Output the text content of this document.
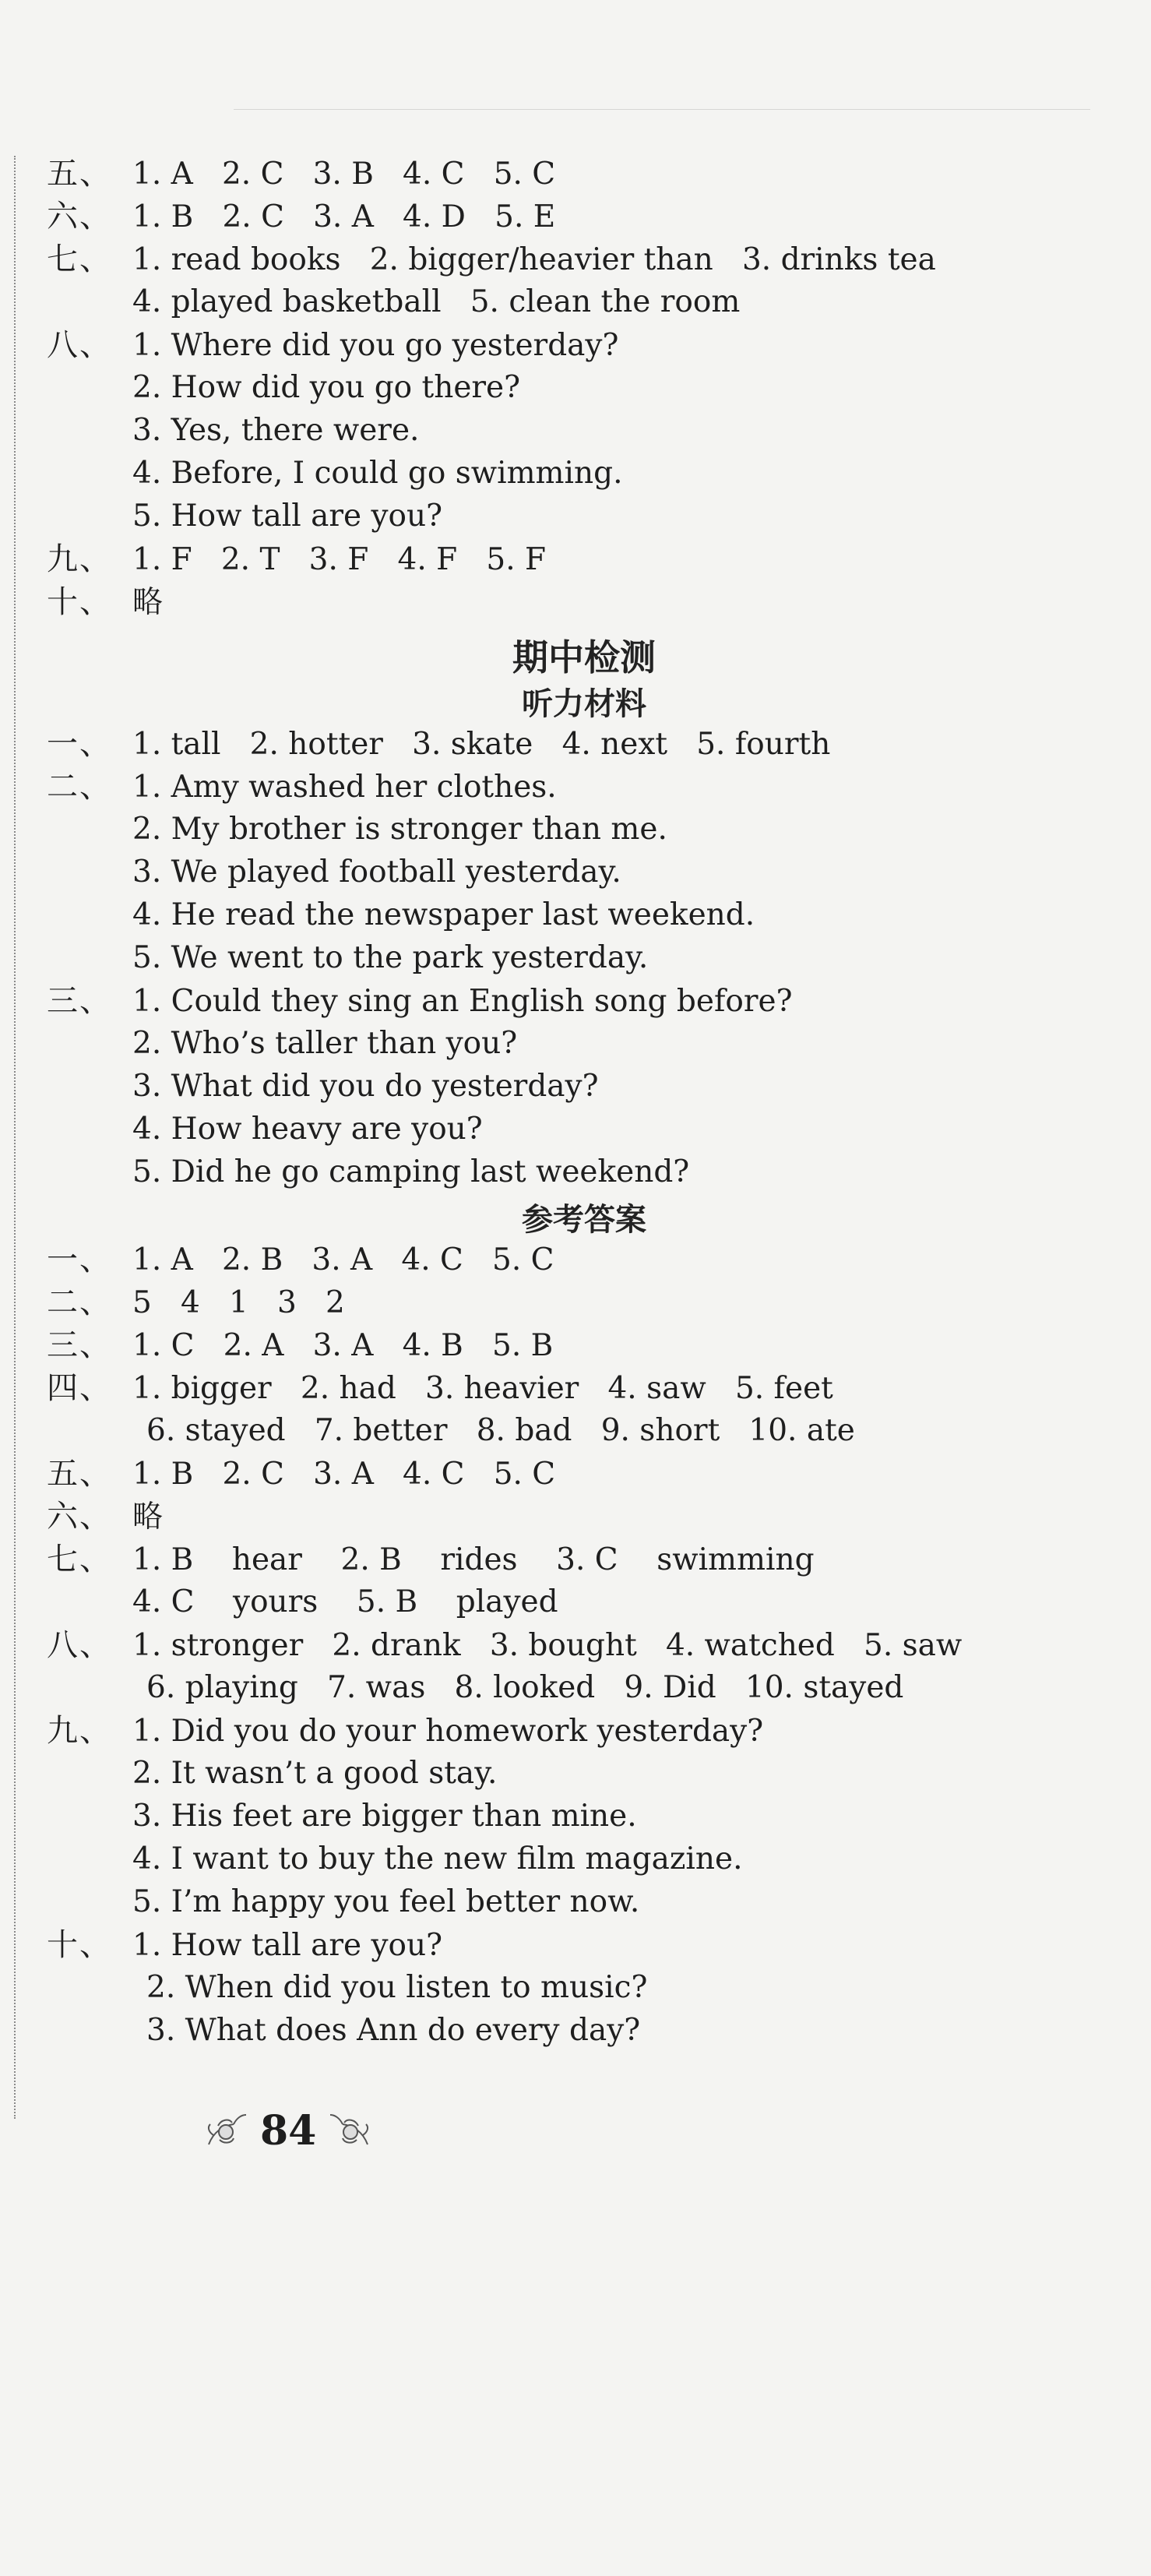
五、 1. A   2. C   3. B   4. C   5. C
六、 1. B   2. C   3. A   4. D   5. E
七、 1. read books   2. bigger/heavier than   3. drinks tea
4. played basketball   5. clean the room
八、 1. Where did you go yesterday?
2. How did you go there?
3. Yes, there were.
4. Before, I could go swimming.
5. How tall are you?
九、 1. F   2. T   3. F   4. F   5. F
十、 略
期中检测
听力材料
一、 1. tall   2. hotter   3. skate   4. next   5. fourth
二、 1. Amy washed her clothes.
2. My brother is stronger than me.
3. We played football yesterday.
4. He read the newspaper last weekend.
5. We went to the park yesterday.
三、 1. Could they sing an English song before?
2. Who’s taller than you?
3. What did you do yesterday?
4. How heavy are you?
5. Did he go camping last weekend?
参考答案
一、 1. A   2. B   3. A   4. C   5. C
二、 5   4   1   3   2
三、 1. C   2. A   3. A   4. B   5. B
四、 1. bigger   2. had   3. heavier   4. saw   5. feet
6. stayed   7. better   8. bad   9. short   10. ate
五、 1. B   2. C   3. A   4. C   5. C
六、 略
七、 1. B    hear    2. B    rides    3. C    swimming
4. C    yours    5. B    played
八、 1. stronger   2. drank   3. bought   4. watched   5. saw
6. playing   7. was   8. looked   9. Did   10. stayed
九、 1. Did you do your homework yesterday?
2. It wasn’t a good stay.
3. His feet are bigger than mine.
4. I want to buy the new film magazine.
5. I’m happy you feel better now.
十、 1. How tall are you?
2. When did you listen to music?
3. What does Ann do every day?
84
